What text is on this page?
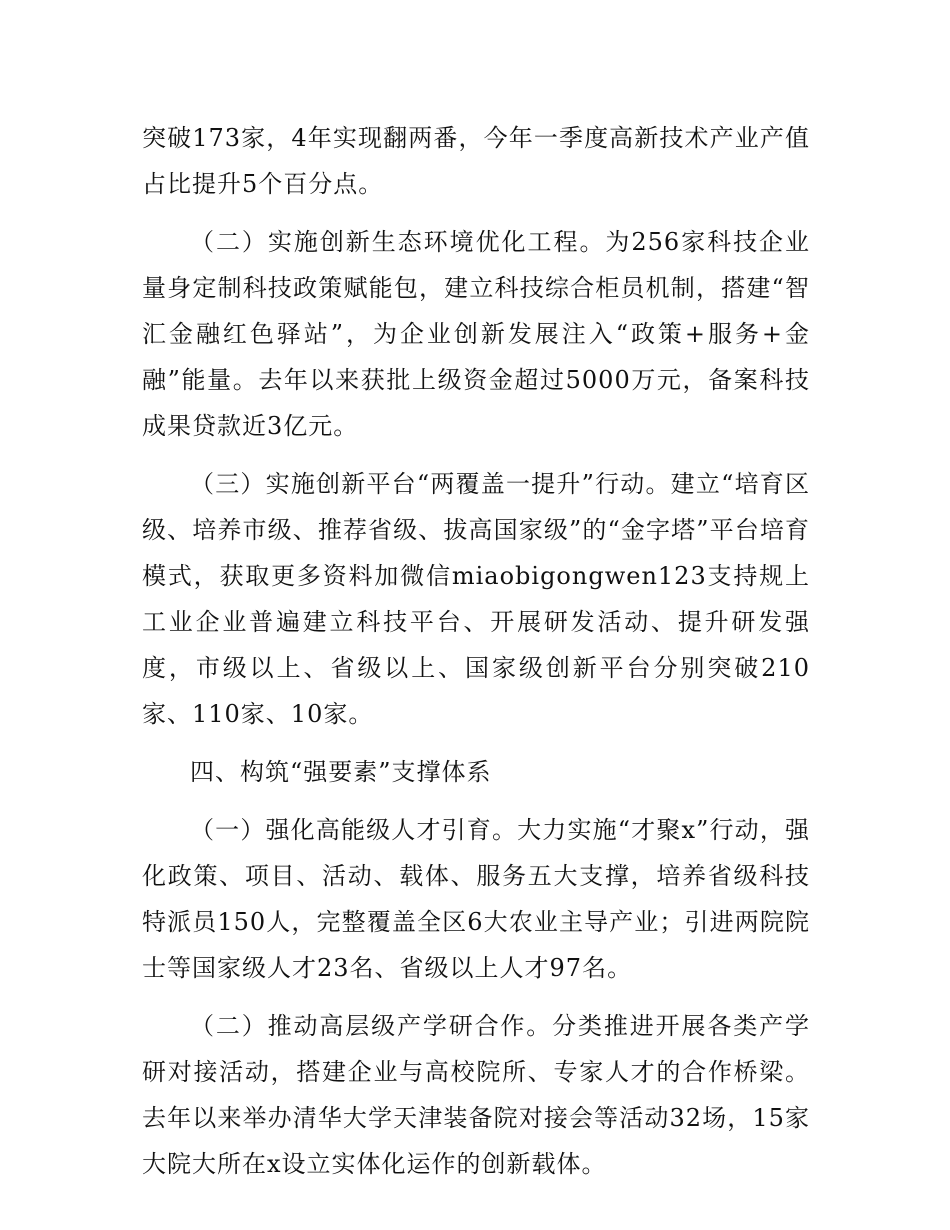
突破173家，4年实现翻两番，今年一季度高新技术产业产值占比提升5个百分点。

（二）实施创新生态环境优化工程。为256家科技企业量身定制科技政策赋能包，建立科技综合柜员机制，搭建“智汇金融红色驿站”，为企业创新发展注入“政策+服务+金融”能量。去年以来获批上级资金超过5000万元，备案科技成果贷款近3亿元。

（三）实施创新平台“两覆盖一提升”行动。建立“培育区级、培养市级、推荐省级、拔高国家级”的“金字塔”平台培育模式，获取更多资料加微信miaobigongwen123支持规上工业企业普遍建立科技平台、开展研发活动、提升研发强度，市级以上、省级以上、国家级创新平台分别突破210家、110家、10家。

四、构筑“强要素”支撑体系

（一）强化高能级人才引育。大力实施“才聚x”行动，强化政策、项目、活动、载体、服务五大支撑，培养省级科技特派员150人，完整覆盖全区6大农业主导产业；引进两院院士等国家级人才23名、省级以上人才97名。

（二）推动高层级产学研合作。分类推进开展各类产学研对接活动，搭建企业与高校院所、专家人才的合作桥梁。去年以来举办清华大学天津装备院对接会等活动32场，15家大院大所在x设立实体化运作的创新载体。
